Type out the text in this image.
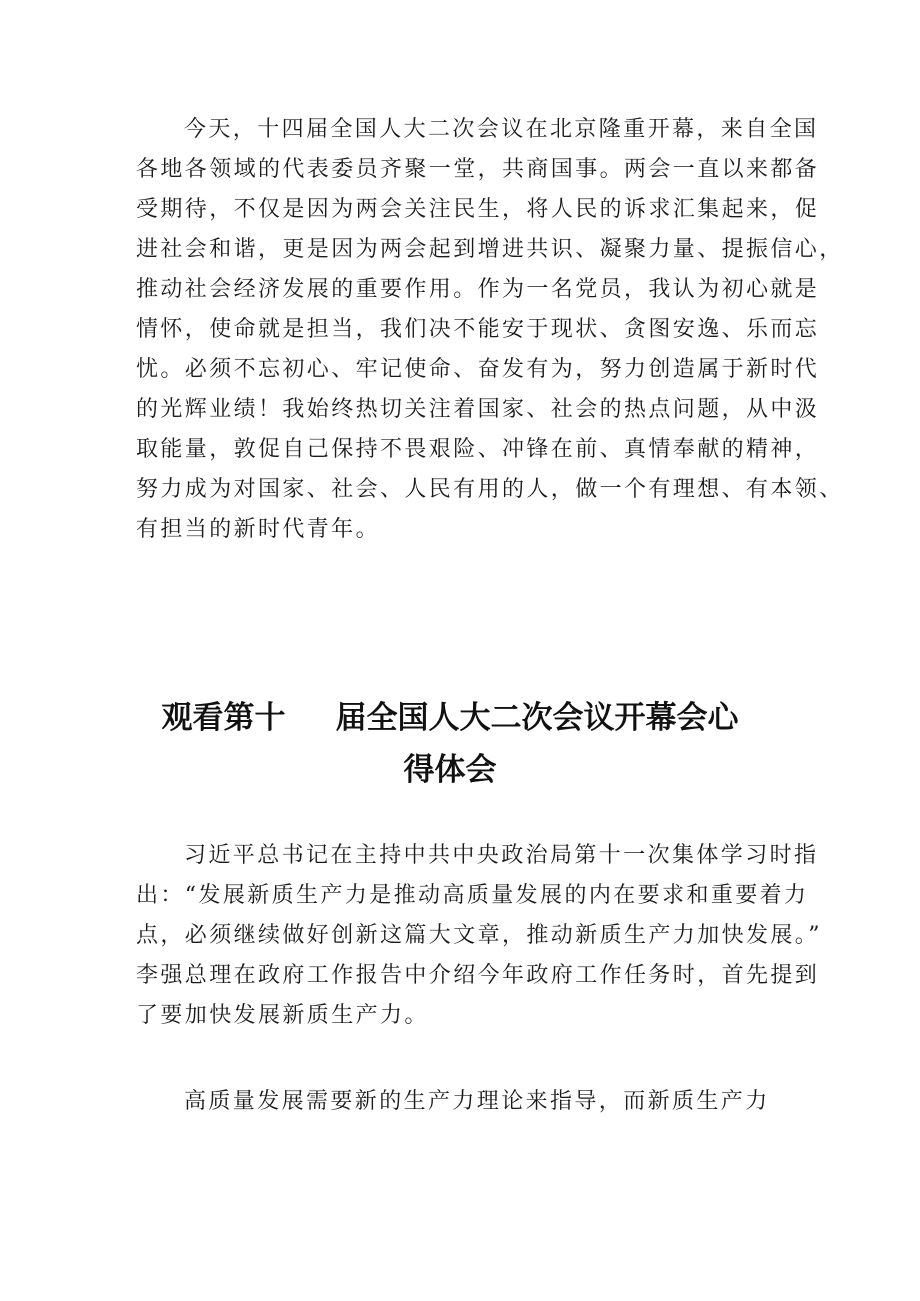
今天，十四届全国人大二次会议在北京隆重开幕，来自全国
各地各领域的代表委员齐聚一堂，共商国事。两会一直以来都备
受期待，不仅是因为两会关注民生，将人民的诉求汇集起来，促
进社会和谐，更是因为两会起到增进共识、凝聚力量、提振信心，
推动社会经济发展的重要作用。作为一名党员，我认为初心就是
情怀，使命就是担当，我们决不能安于现状、贪图安逸、乐而忘
忧。必须不忘初心、牢记使命、奋发有为，努力创造属于新时代
的光辉业绩！我始终热切关注着国家、社会的热点问题，从中汲
取能量，敦促自己保持不畏艰险、冲锋在前、真情奉献的精神，
努力成为对国家、社会、人民有用的人，做一个有理想、有本领、
有担当的新时代青年。
观看第十 届全国人大二次会议开幕会心
得体会
习近平总书记在主持中共中央政治局第十一次集体学习时指
出：“发展新质生产力是推动高质量发展的内在要求和重要着力
点，必须继续做好创新这篇大文章，推动新质生产力加快发展。”
李强总理在政府工作报告中介绍今年政府工作任务时，首先提到
了要加快发展新质生产力。
高质量发展需要新的生产力理论来指导，而新质生产力
